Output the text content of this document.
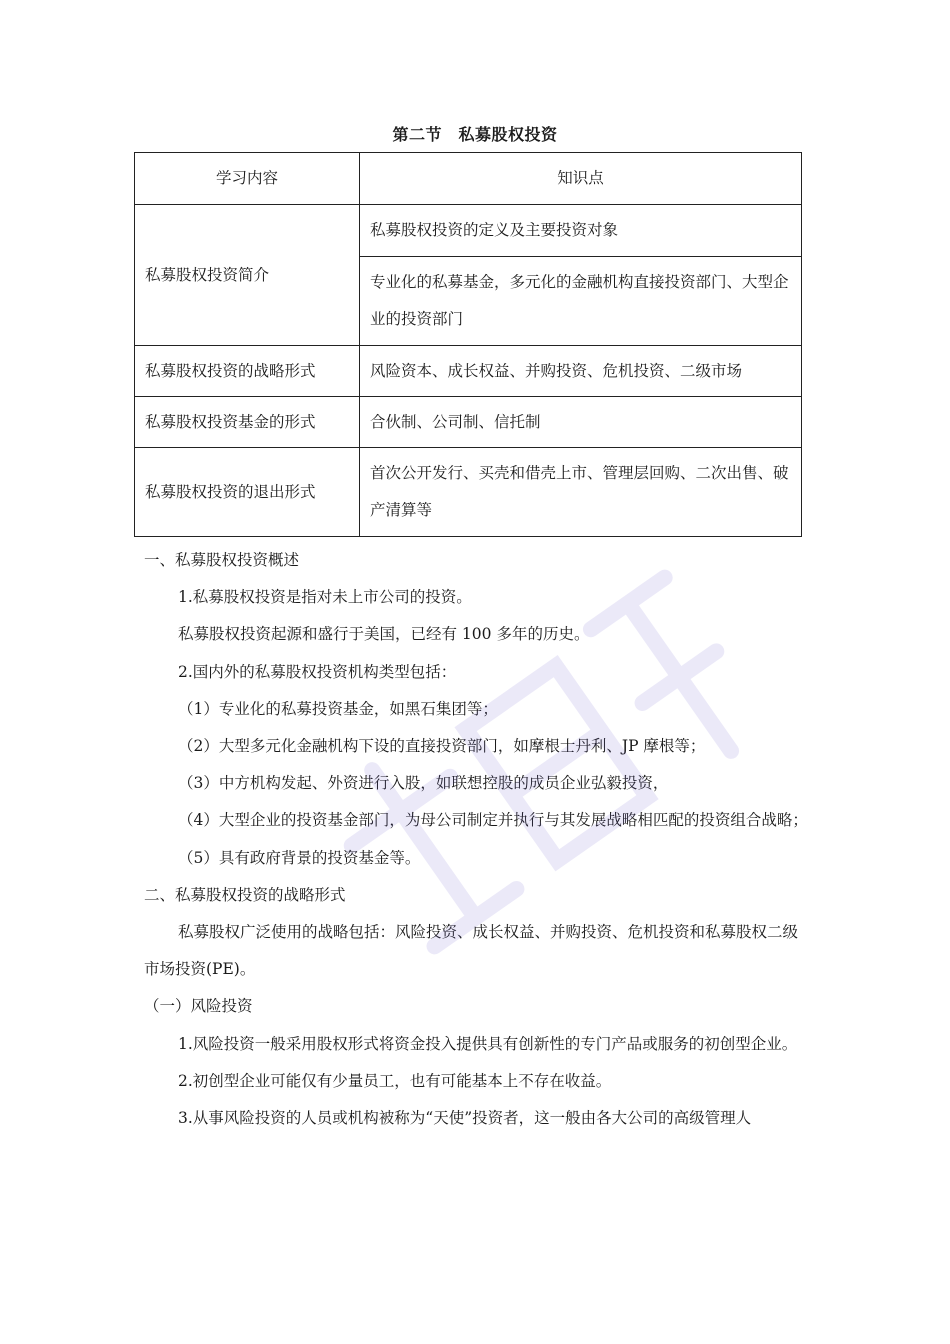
第二节　私募股权投资
学习内容	知识点
私募股权投资简介	私募股权投资的定义及主要投资对象
	专业化的私募基金，多元化的金融机构直接投资部门、大型企业的投资部门
私募股权投资的战略形式	风险资本、成长权益、并购投资、危机投资、二级市场
私募股权投资基金的形式	合伙制、公司制、信托制
私募股权投资的退出形式	首次公开发行、买壳和借壳上市、管理层回购、二次出售、破产清算等

一、私募股权投资概述

1.私募股权投资是指对未上市公司的投资。

私募股权投资起源和盛行于美国，已经有 100 多年的历史。

2.国内外的私募股权投资机构类型包括：

（1）专业化的私募投资基金，如黑石集团等；

（2）大型多元化金融机构下设的直接投资部门，如摩根士丹利、JP 摩根等；

（3）中方机构发起、外资进行入股，如联想控股的成员企业弘毅投资，

（4）大型企业的投资基金部门，为母公司制定并执行与其发展战略相匹配的投资组合战略；

（5）具有政府背景的投资基金等。

二、私募股权投资的战略形式

私募股权广泛使用的战略包括：风险投资、成长权益、并购投资、危机投资和私募股权二级市场投资(PE)。

（一）风险投资

1.风险投资一般采用股权形式将资金投入提供具有创新性的专门产品或服务的初创型企业。

2.初创型企业可能仅有少量员工，也有可能基本上不存在收益。

3.从事风险投资的人员或机构被称为“天使”投资者，这一般由各大公司的高级管理人
